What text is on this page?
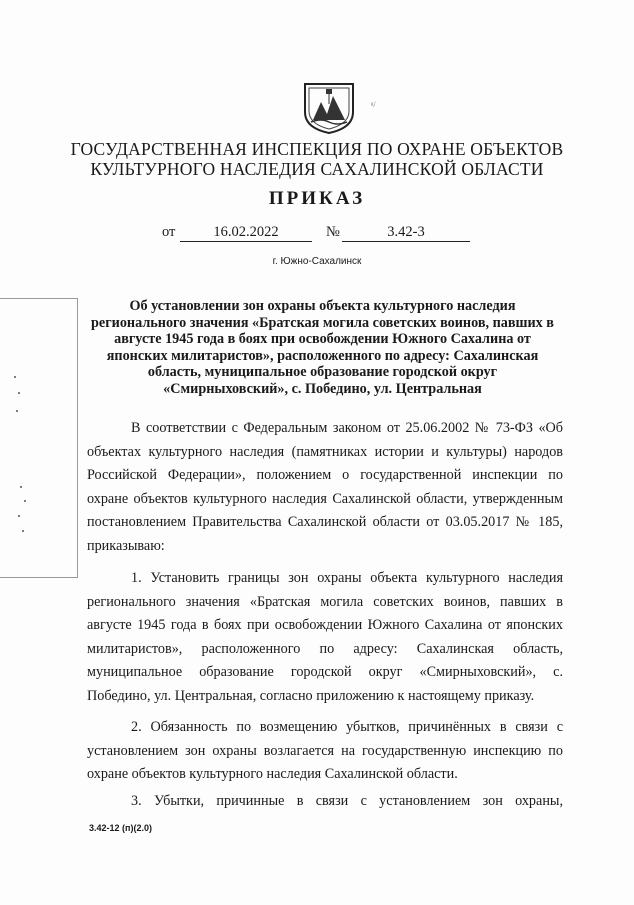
ᵍ/
ГОСУДАРСТВЕННАЯ ИНСПЕКЦИЯ ПО ОХРАНЕ ОБЪЕКТОВ
КУЛЬТУРНОГО НАСЛЕДИЯ САХАЛИНСКОЙ ОБЛАСТИ
ПРИКАЗ
от	16.02.2022	№	3.42-3
г. Южно-Сахалинск
Об установлении зон охраны объекта культурного наследия
регионального значения «Братская могила советских воинов, павших в
августе 1945 года в боях при освобождении Южного Сахалина от
японских милитаристов», расположенного по адресу: Сахалинская
область, муниципальное образование городской округ
«Смирныховский», с. Победино, ул. Центральная

В соответствии с Федеральным законом от 25.06.2002 № 73-ФЗ «Об

объектах культурного наследия (памятниках истории и культуры) народов

Российской Федерации», положением о государственной инспекции по

охране объектов культурного наследия Сахалинской области, утвержденным

постановлением Правительства Сахалинской области от 03.05.2017 № 185,

приказываю:

1. Установить границы зон охраны объекта культурного наследия

регионального значения «Братская могила советских воинов, павших в

августе 1945 года в боях при освобождении Южного Сахалина от японских

милитаристов», расположенного по адресу: Сахалинская область,

муниципальное образование городской округ «Смирныховский», с.

Победино, ул. Центральная, согласно приложению к настоящему приказу.

2. Обязанность по возмещению убытков, причинённых в связи с

установлением зон охраны возлагается на государственную инспекцию по

охране объектов культурного наследия Сахалинской области.

3. Убытки, причинные в связи с установлением зон охраны,

3.42-12 (п)(2.0)
